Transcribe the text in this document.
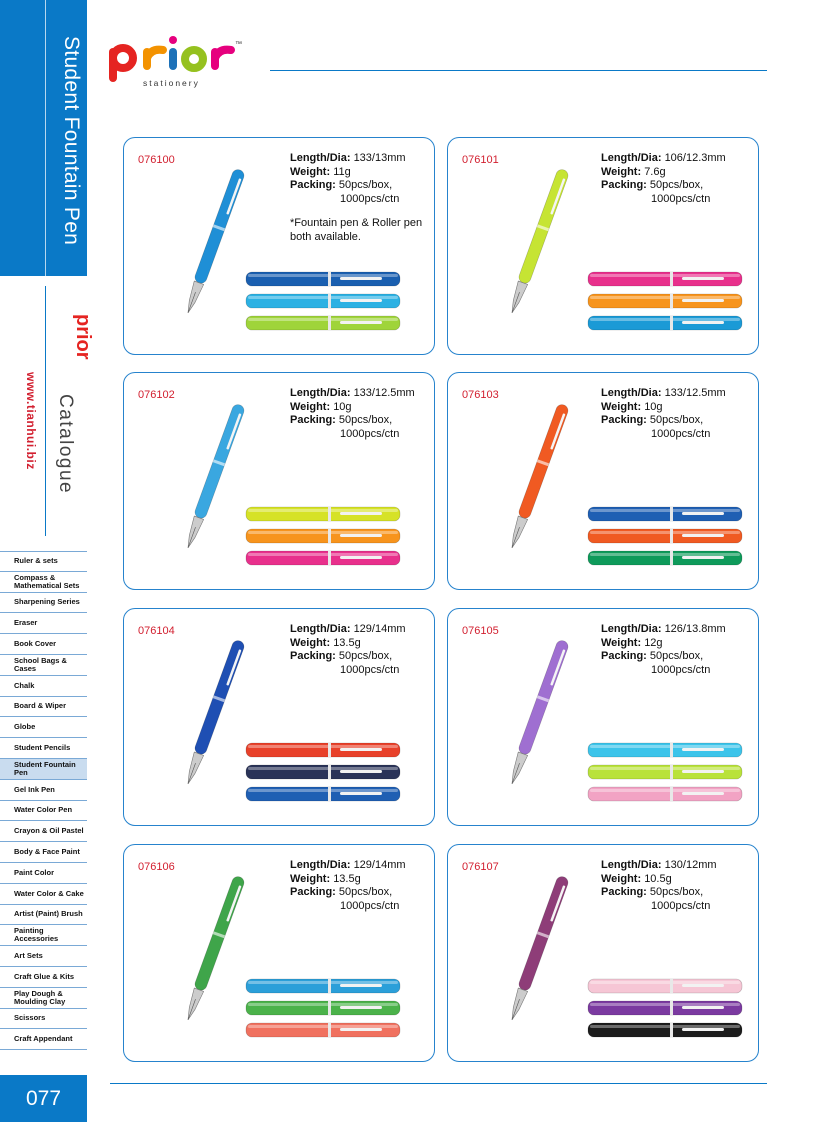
Student Fountain Pen
prior
www.tianhui.biz Catalogue
Ruler & sets
Compass & Mathematical Sets
Sharpening Series
Eraser
Book Cover
School Bags & Cases
Chalk
Board & Wiper
Globe
Student Pencils
Student Fountain Pen
Gel Ink Pen
Water Color Pen
Crayon & Oil Pastel
Body & Face Paint
Paint Color
Water Color & Cake
Artist (Paint) Brush
Painting Accessories
Art Sets
Craft Glue & Kits
Play Dough & Moulding Clay
Scissors
Craft Appendant
077
™
stationery
076100	Length/Dia: 133/13mm
Weight: 11g
Packing: 50pcs/box,
1000pcs/ctn
*Fountain pen & Roller pen both available.
076101	Length/Dia: 106/12.3mm
Weight: 7.6g
Packing: 50pcs/box,
1000pcs/ctn
076102	Length/Dia: 133/12.5mm
Weight: 10g
Packing: 50pcs/box,
1000pcs/ctn
076103	Length/Dia: 133/12.5mm
Weight: 10g
Packing: 50pcs/box,
1000pcs/ctn
076104	Length/Dia: 129/14mm
Weight: 13.5g
Packing: 50pcs/box,
1000pcs/ctn
076105	Length/Dia: 126/13.8mm
Weight: 12g
Packing: 50pcs/box,
1000pcs/ctn
076106	Length/Dia: 129/14mm
Weight: 13.5g
Packing: 50pcs/box,
1000pcs/ctn
076107	Length/Dia: 130/12mm
Weight: 10.5g
Packing: 50pcs/box,
1000pcs/ctn
